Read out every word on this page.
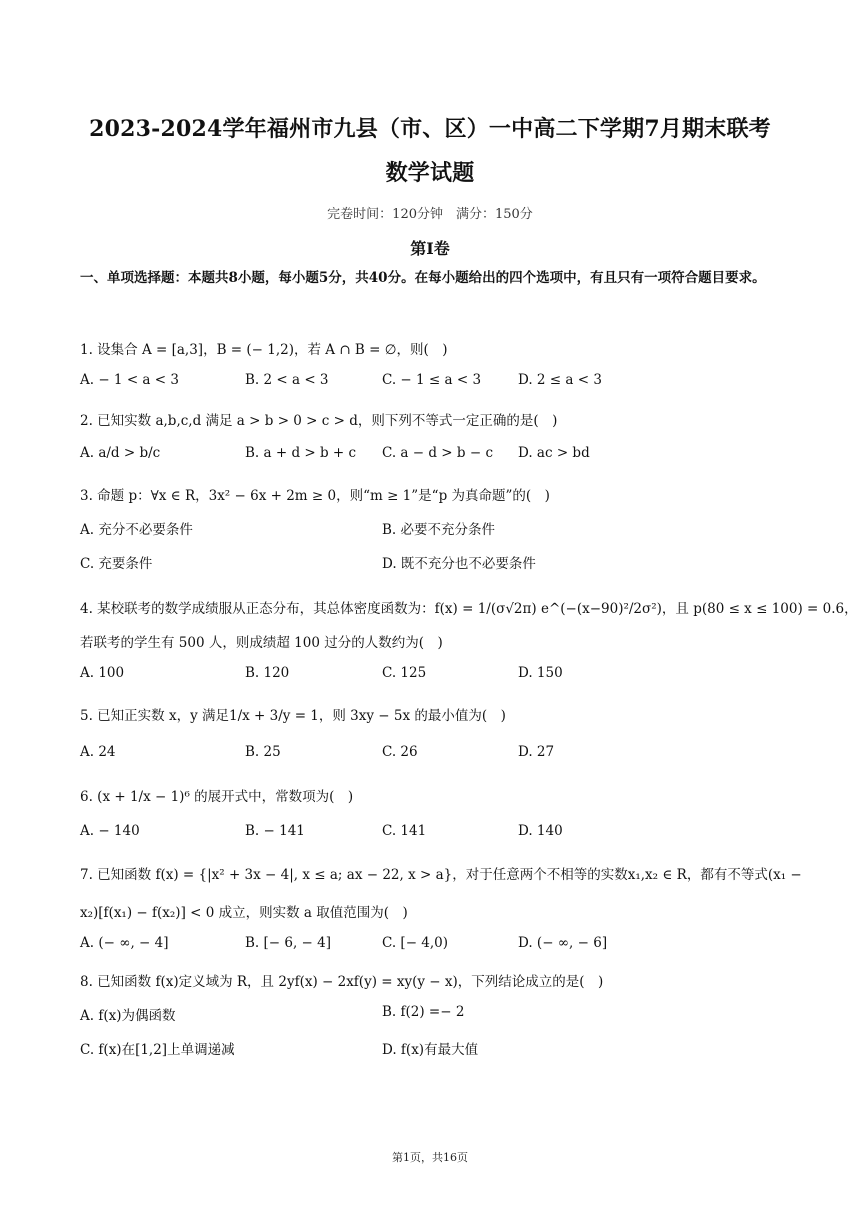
2023-2024学年福州市九县（市、区）一中高二下学期7月期末联考
数学试题
完卷时间：120分钟　满分：150分
第Ⅰ卷
一、单项选择题：本题共8小题，每小题5分，共40分。在每小题给出的四个选项中，有且只有一项符合题目要求。
1. 设集合 A = [a,3]，B = (− 1,2)，若 A ∩ B = ∅，则(　)
A. − 1 < a < 3	B. 2 < a < 3	C. − 1 ≤ a < 3	D. 2 ≤ a < 3
2. 已知实数 a,b,c,d 满足 a > b > 0 > c > d，则下列不等式一定正确的是(　)
A. a/d > b/c	B. a + d > b + c C. a − d > b − c D. ac > bd
3. 命题 p：∀x ∈ R，3x² − 6x + 2m ≥ 0，则“m ≥ 1”是“p 为真命题”的(　)
A. 充分不必要条件	B. 必要不充分条件
C. 充要条件	D. 既不充分也不必要条件
4. 某校联考的数学成绩服从正态分布，其总体密度函数为：f(x) = 1/(σ√2π) e^(−(x−90)²/2σ²)，且 p(80 ≤ x ≤ 100) = 0.6，
若联考的学生有 500 人，则成绩超 100 过分的人数约为(　)
A. 100	B. 120	C. 125	D. 150
5. 已知正实数 x，y 满足1/x + 3/y = 1，则 3xy − 5x 的最小值为(　)
A. 24	B. 25	C. 26	D. 27
6. (x + 1/x − 1)⁶ 的展开式中，常数项为(　)
A. − 140	B. − 141	C. 141	D. 140
7. 已知函数 f(x) = {|x² + 3x − 4|, x ≤ a; ax − 22, x > a}，对于任意两个不相等的实数x₁,x₂ ∈ R，都有不等式(x₁ −
x₂)[f(x₁) − f(x₂)] < 0 成立，则实数 a 取值范围为(　)
A. (− ∞, − 4]	B. [− 6, − 4]	C. [− 4,0)	D. (− ∞, − 6]
8. 已知函数 f(x)定义域为 R，且 2yf(x) − 2xf(y) = xy(y − x)，下列结论成立的是(　)
A. f(x)为偶函数	B. f(2) =− 2
C. f(x)在[1,2]上单调递减	D. f(x)有最大值
第1页，共16页
